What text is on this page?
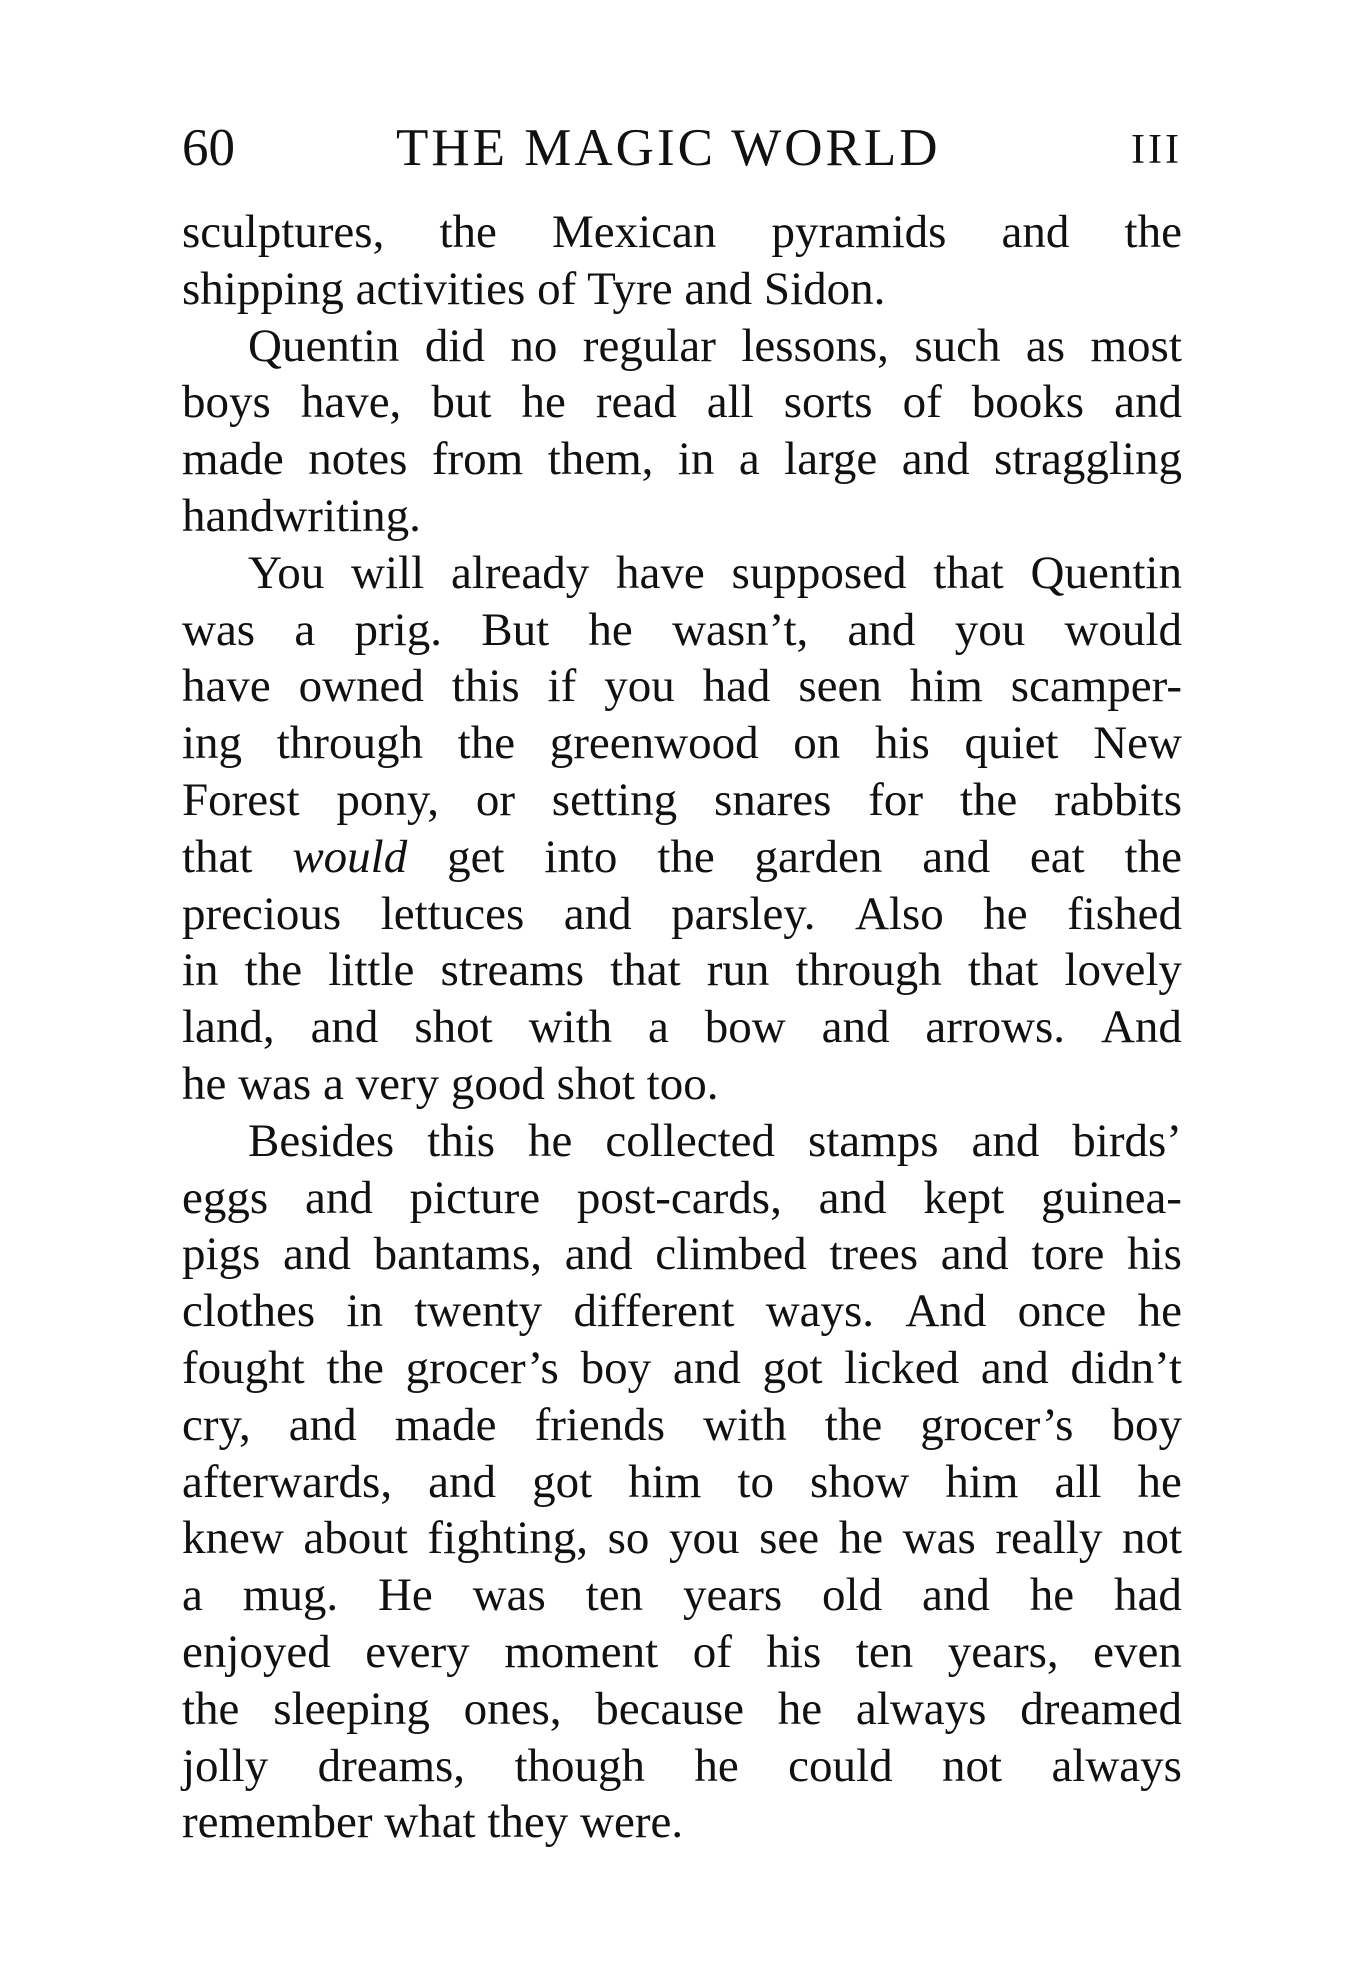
60	THE MAGIC WORLD	III
sculptures, the Mexican pyramids and the
shipping activities of Tyre and Sidon.
Quentin did no regular lessons, such as most
boys have, but he read all sorts of books and
made notes from them, in a large and straggling
handwriting.
You will already have supposed that Quentin
was a prig. But he wasn’t, and you would
have owned this if you had seen him scamper-
ing through the greenwood on his quiet New
Forest pony, or setting snares for the rabbits
that would get into the garden and eat the
precious lettuces and parsley. Also he fished
in the little streams that run through that lovely
land, and shot with a bow and arrows. And
he was a very good shot too.
Besides this he collected stamps and birds’
eggs and picture post-cards, and kept guinea-
pigs and bantams, and climbed trees and tore his
clothes in twenty different ways. And once he
fought the grocer’s boy and got licked and didn’t
cry, and made friends with the grocer’s boy
afterwards, and got him to show him all he
knew about fighting, so you see he was really not
a mug. He was ten years old and he had
enjoyed every moment of his ten years, even
the sleeping ones, because he always dreamed
jolly dreams, though he could not always
remember what they were.
